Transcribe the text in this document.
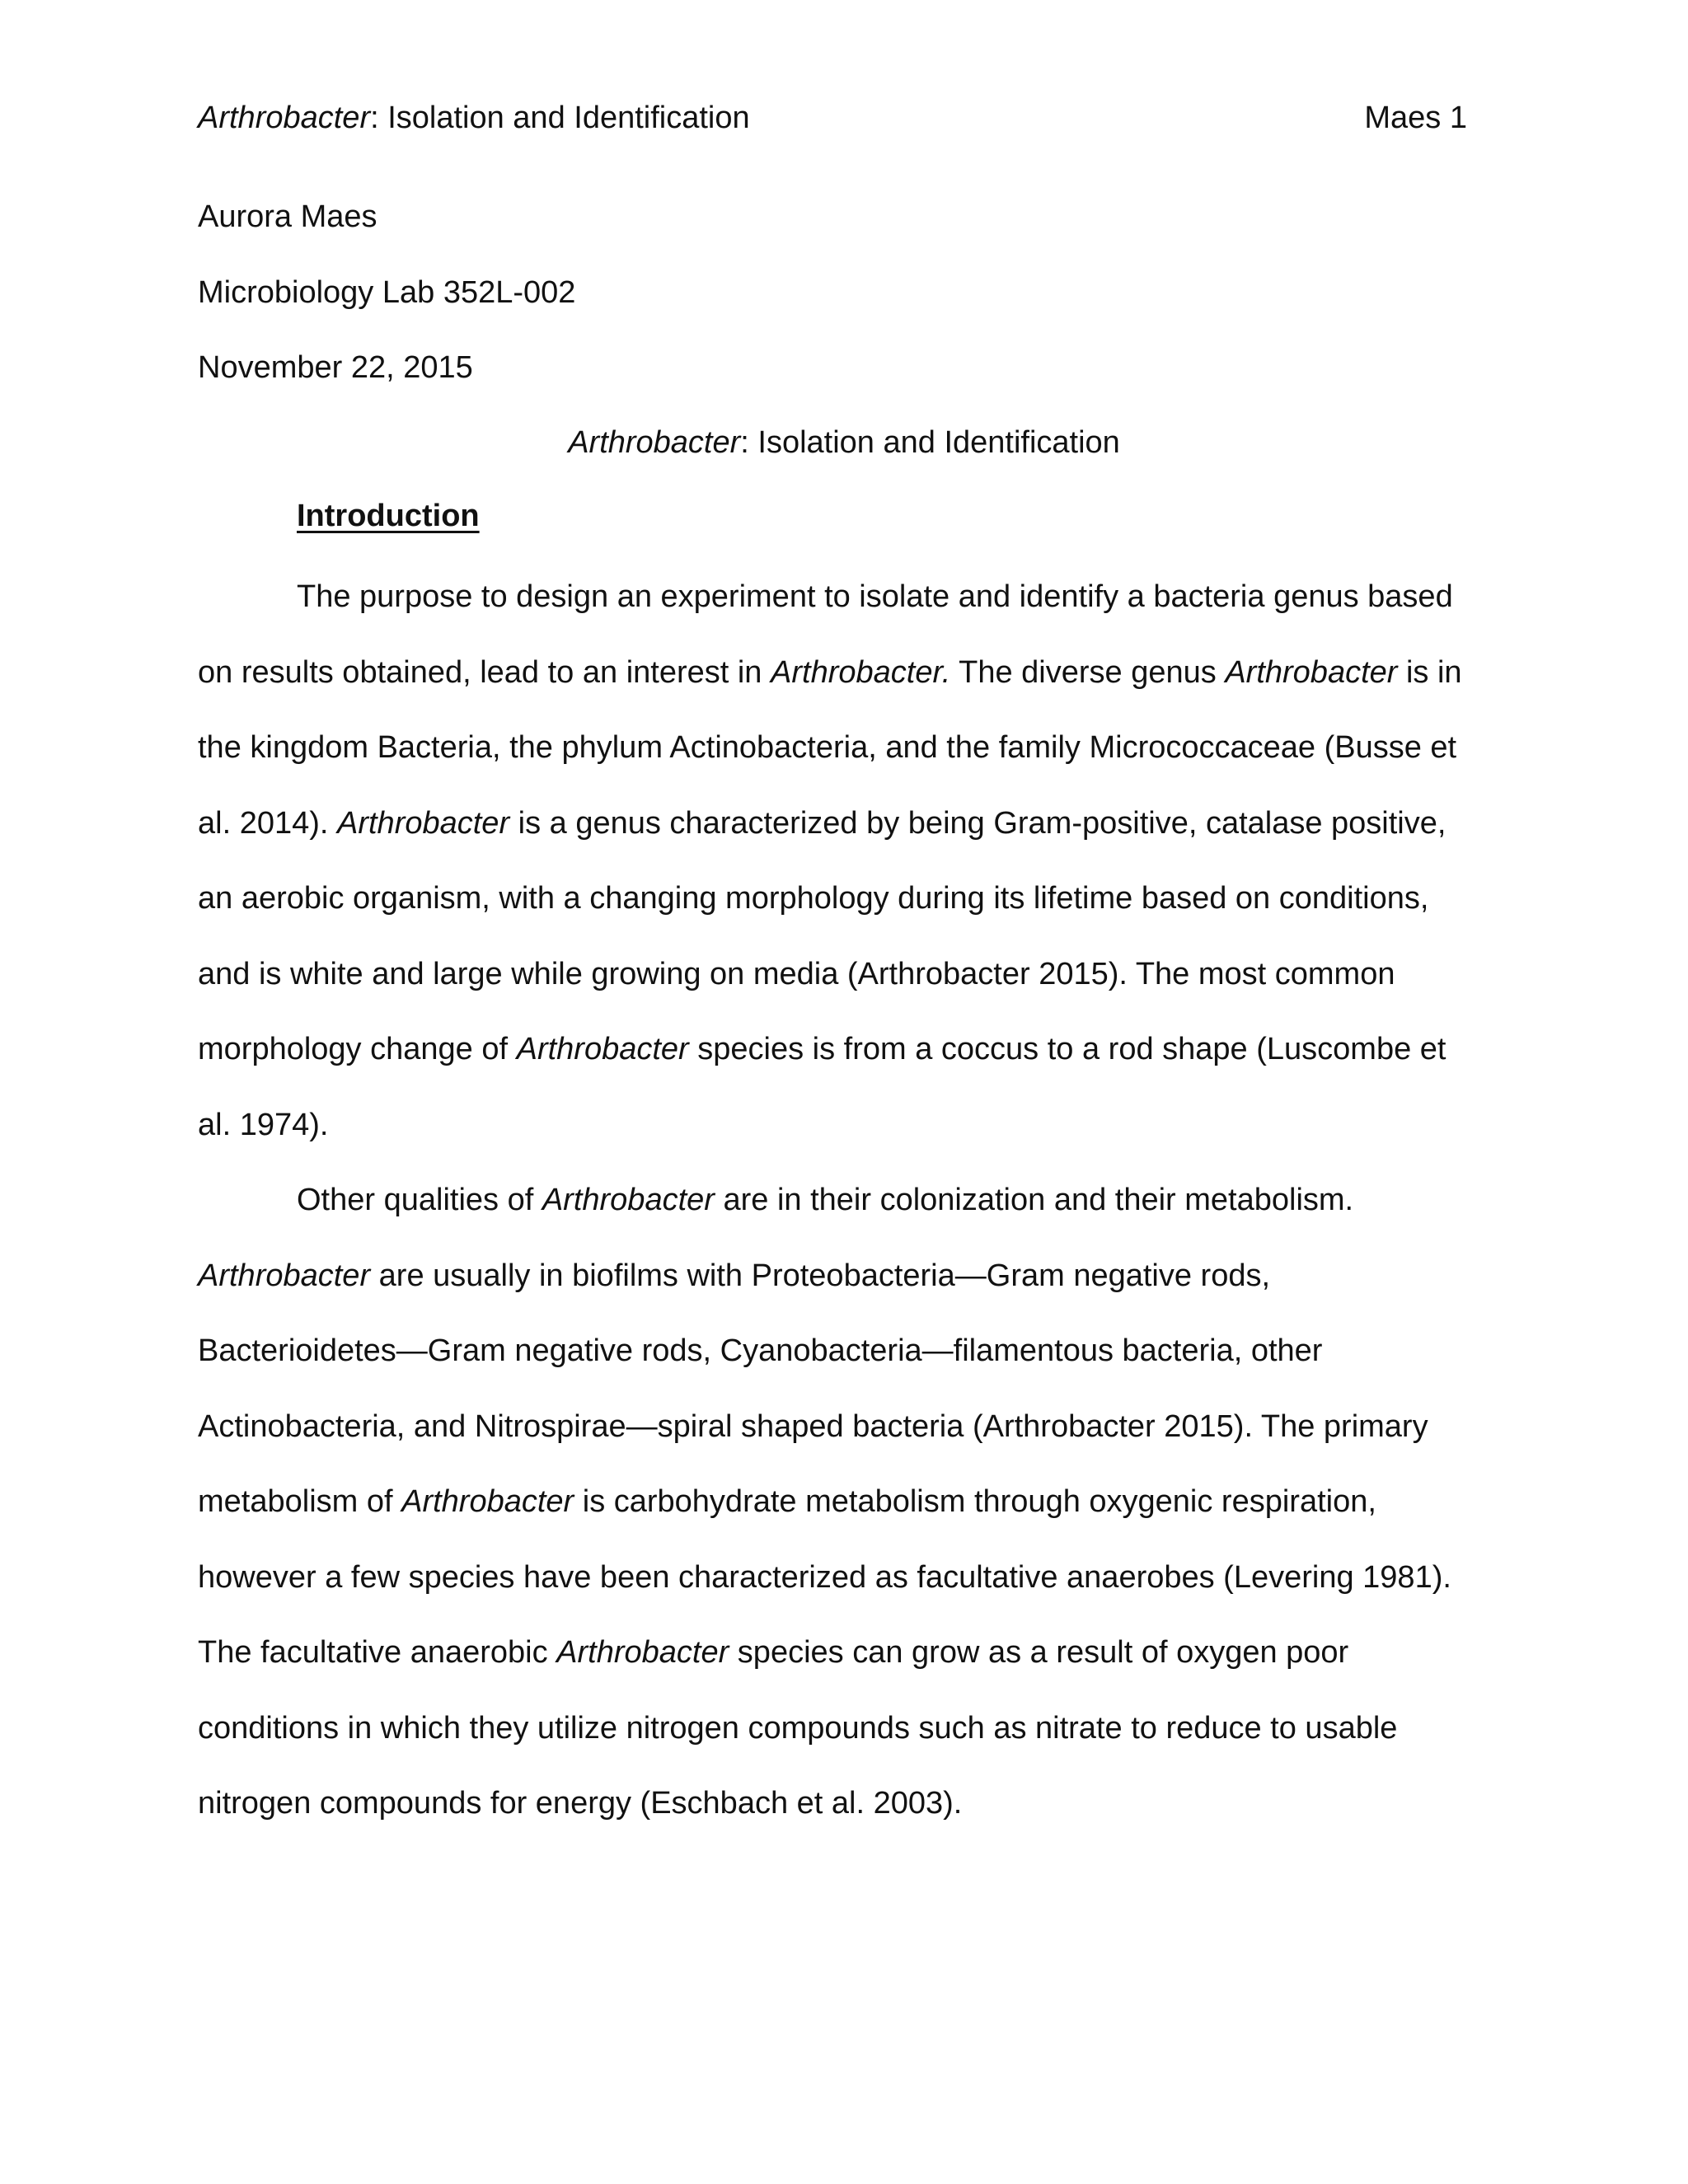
Arthrobacter: Isolation and Identification	Maes 1
Aurora Maes
Microbiology Lab 352L-002
November 22, 2015
Arthrobacter: Isolation and Identification
Introduction

The purpose to design an experiment to isolate and identify a bacteria genus based on results obtained, lead to an interest in Arthrobacter. The diverse genus Arthrobacter is in the kingdom Bacteria, the phylum Actinobacteria, and the family Micrococcaceae (Busse et al. 2014). Arthrobacter is a genus characterized by being Gram-positive, catalase positive, an aerobic organism, with a changing morphology during its lifetime based on conditions, and is white and large while growing on media (Arthrobacter 2015). The most common morphology change of Arthrobacter species is from a coccus to a rod shape (Luscombe et al. 1974).

Other qualities of Arthrobacter are in their colonization and their metabolism. Arthrobacter are usually in biofilms with Proteobacteria—Gram negative rods, Bacterioidetes—Gram negative rods, Cyanobacteria—filamentous bacteria, other Actinobacteria, and Nitrospirae—spiral shaped bacteria (Arthrobacter 2015). The primary metabolism of Arthrobacter is carbohydrate metabolism through oxygenic respiration, however a few species have been characterized as facultative anaerobes (Levering 1981). The facultative anaerobic Arthrobacter species can grow as a result of oxygen poor conditions in which they utilize nitrogen compounds such as nitrate to reduce to usable nitrogen compounds for energy (Eschbach et al. 2003).
